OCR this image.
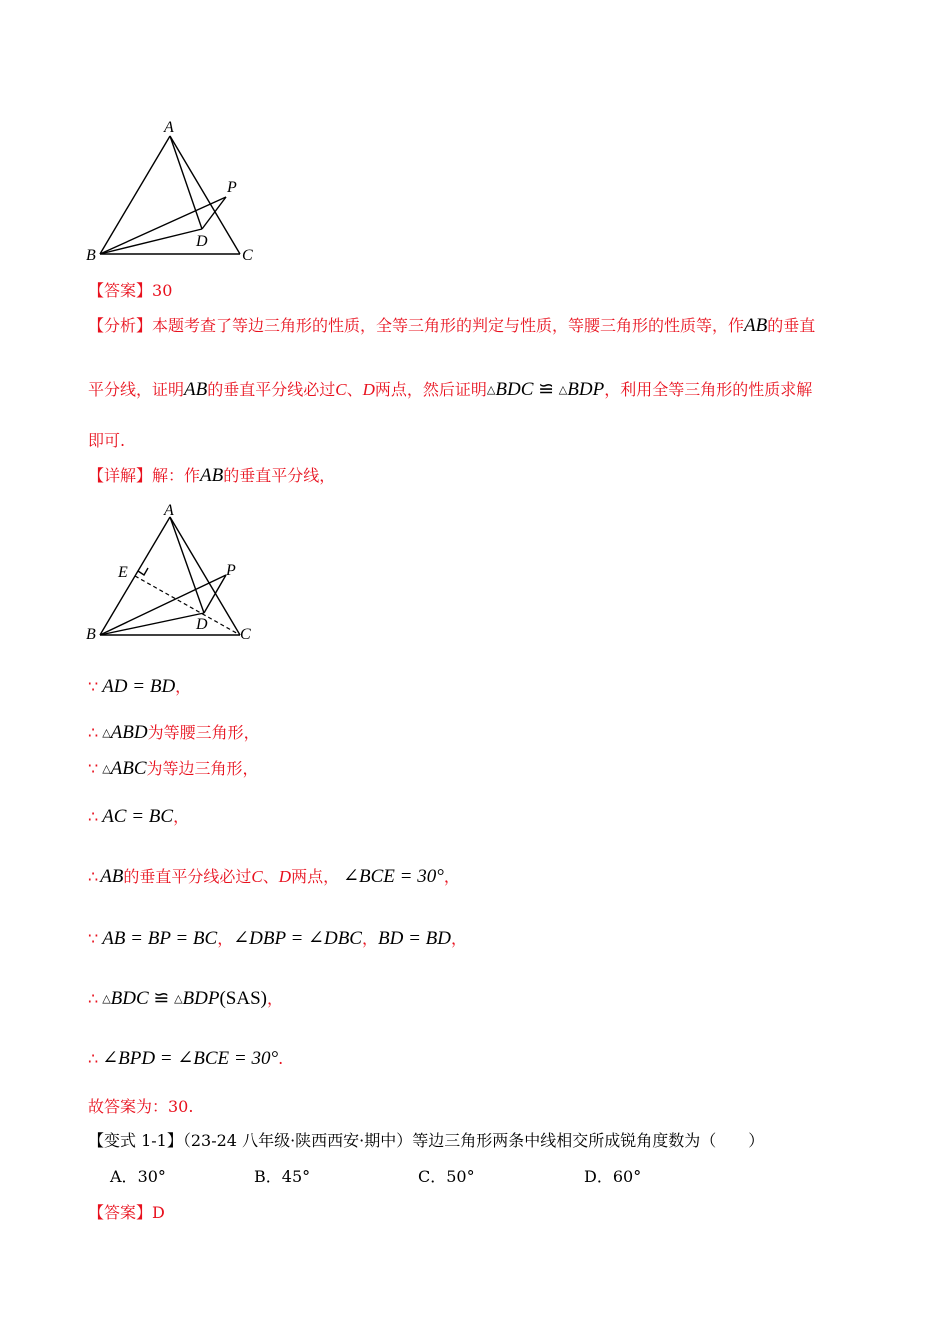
A
P
D
B	C
【答案】30
【分析】本题考查了等边三角形的性质，全等三角形的判定与性质，等腰三角形的性质等，作AB的垂直
平分线，证明AB的垂直平分线必过C、D两点，然后证明△BDC ≌ △BDP，利用全等三角形的性质求解
即可.
【详解】解：作AB的垂直平分线，
A
E	P
D
B	C
∵ AD = BD，
∴ △ABD为等腰三角形，
∵ △ABC为等边三角形，
∴ AC = BC，
∴ AB的垂直平分线必过C、D两点， ∠BCE = 30°，
∵ AB = BP = BC，∠DBP = ∠DBC，BD = BD，
∴ △BDC ≌ △BDP(SAS)，
∴ ∠BPD = ∠BCE = 30°.
故答案为：30.
【变式 1-1】（23-24 八年级·陕西西安·期中）等边三角形两条中线相交所成锐角度数为（　　）
A．30°	B．45°	C．50°	D．60°
【答案】D
